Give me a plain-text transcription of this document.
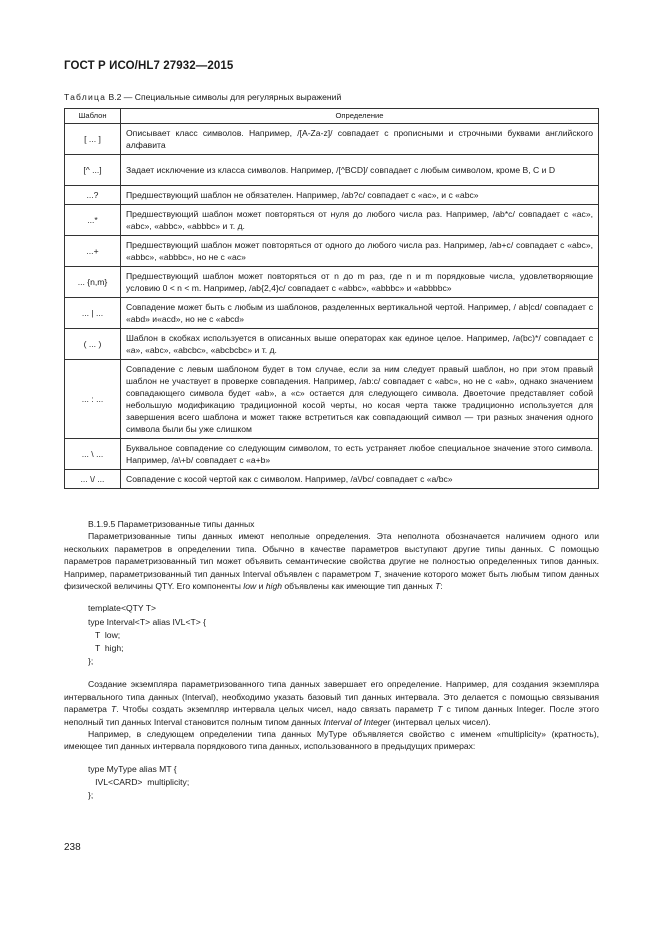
ГОСТ Р ИСО/HL7 27932—2015
Таблица В.2 — Специальные символы для регулярных выражений
Шаблон	Определение
[ ... ]	Описывает класс символов. Например, /[A-Za-z]/ совпадает с прописными и строчными буквами английского алфавита
[^ ...]	Задает исключение из класса символов. Например, /[^BCD]/ совпадает с любым символом, кроме B, C и D
...?	Предшествующий шаблон не обязателен. Например, /ab?c/ совпадает с «ас», и с «abc»
...*	Предшествующий шаблон может повторяться от нуля до любого числа раз. Например, /ab*c/ совпадает с «ас», «abc», «abbc», «abbbc» и т. д.
...+	Предшествующий шаблон может повторяться от одного до любого числа раз. Например, /ab+c/ совпадает с «abc», «abbc», «abbbc», но не с «ас»
... {n,m}	Предшествующий шаблон может повторяться от n до m раз, где n и m порядковые числа, удовлетворяющие условию 0 < n < m. Например, /ab{2,4}c/ совпадает с «abbc», «abbbc» и «abbbbc»
... | ...	Совпадение может быть с любым из шаблонов, разделенных вертикальной чертой. Например, / ab|cd/ совпадает с «abd» и«acd», но не с «abcd»
( ... )	Шаблон в скобках используется в описанных выше операторах как единое целое. Например, /a(bc)*/ совпадает с «а», «abc», «abcbc», «abcbcbc» и т. д.
... : ...	Совпадение с левым шаблоном будет в том случае, если за ним следует правый шаблон, но при этом правый шаблон не участвует в проверке совпадения. Например, /ab:c/ совпадает с «abc», но не с «ab», однако значением совпадающего символа будет «ab», а «с» остается для следующего символа. Двоеточие представляет собой небольшую модификацию традиционной косой черты, но косая черта также традиционно используется для завершения всего шаблона и может также встретиться как совпадающий символ — три разных значения одного символа были бы уже слишком
... \ ...	Буквальное совпадение со следующим символом, то есть устраняет любое специальное значение этого символа. Например, /a\+b/ совпадает с «a+b»
... \/ ...	Совпадение с косой чертой как с символом. Например, /a\/bc/ совпадает с «a/bc»

В.1.9.5 Параметризованные типы данных

Параметризованные типы данных имеют неполные определения. Эта неполнота обозначается наличием одного или нескольких параметров в определении типа. Обычно в качестве параметров выступают другие типы данных. С помощью параметров параметризованный тип может объявить семантические свойства другие не полностью определенных типов данных. Например, параметризованный тип данных Interval объявлен с параметром T, значение которого может быть любым типом данных физической величины QTY. Его компоненты low и high объявлены как имеющие тип данных T:

template<QTY T>

type Interval<T> alias IVL<T> {

T  low;

T  high;

};

Создание экземпляра параметризованного типа данных завершает его определение. Например, для создания экземпляра интервального типа данных (Interval), необходимо указать базовый тип данных интервала. Это делается с помощью связывания параметра T. Чтобы создать экземпляр интервала целых чисел, надо связать параметр T с типом данных Integer. После этого неполный тип данных Interval становится полным типом данных Interval of Integer (интервал целых чисел).

Например, в следующем определении типа данных MyType объявляется свойство с именем «multiplicity» (кратность), имеющее тип данных интервала порядкового типа данных, использованного в предыдущих примерах:

type MyType alias MT {

IVL<CARD>  multiplicity;

};

238
